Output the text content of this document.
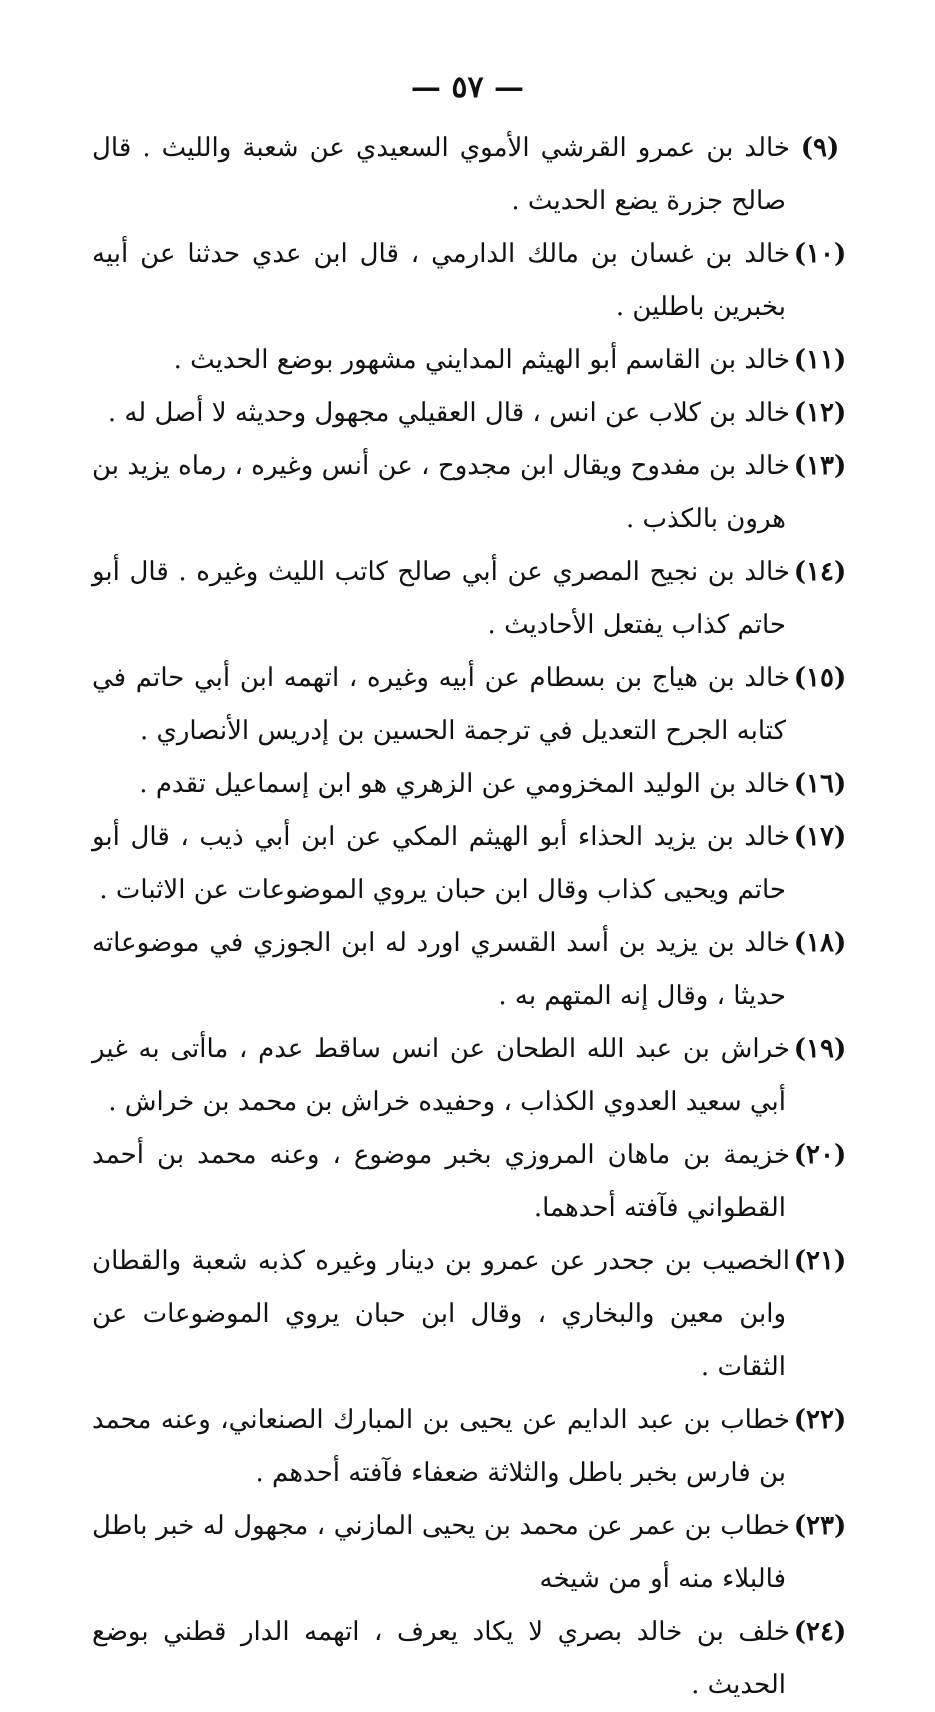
— ٥٧ —

(٩)خالد بن عمرو القرشي الأموي السعيدي عن شعبة والليث . قال صالح جزرة يضع الحديث .

(١٠)خالد بن غسان بن مالك الدارمي ، قال ابن عدي حدثنا عن أبيه بخبرين باطلين .

(١١)خالد بن القاسم أبو الهيثم المدايني مشهور بوضع الحديث .

(١٢)خالد بن كلاب عن انس ، قال العقيلي مجهول وحديثه لا أصل له .

(١٣)خالد بن مفدوح ويقال ابن مجدوح ، عن أنس وغيره ، رماه يزيد بن هرون بالكذب .

(١٤)خالد بن نجيح المصري عن أبي صالح كاتب الليث وغيره . قال أبو حاتم كذاب يفتعل الأحاديث .

(١٥)خالد بن هياج بن بسطام عن أبيه وغيره ، اتهمه ابن أبي حاتم في كتابه الجرح التعديل في ترجمة الحسين بن إدريس الأنصاري .

(١٦)خالد بن الوليد المخزومي عن الزهري هو ابن إسماعيل تقدم .

(١٧)خالد بن يزيد الحذاء أبو الهيثم المكي عن ابن أبي ذيب ، قال أبو حاتم ويحيى كذاب وقال ابن حبان يروي الموضوعات عن الاثبات .

(١٨)خالد بن يزيد بن أسد القسري اورد له ابن الجوزي في موضوعاته حديثا ، وقال إنه المتهم به .

(١٩)خراش بن عبد الله الطحان عن انس ساقط عدم ، ماأتى به غير أبي سعيد العدوي الكذاب ، وحفيده خراش بن محمد بن خراش .

(٢٠)خزيمة بن ماهان المروزي بخبر موضوع ، وعنه محمد بن أحمد القطواني فآفته أحدهما.

(٢١)الخصيب بن جحدر عن عمرو بن دينار وغيره كذبه شعبة والقطان وابن معين والبخاري ، وقال ابن حبان يروي الموضوعات عن الثقات .

(٢٢)خطاب بن عبد الدايم عن يحيى بن المبارك الصنعاني، وعنه محمد بن فارس بخبر باطل والثلاثة ضعفاء فآفته أحدهم .

(٢٣)خطاب بن عمر عن محمد بن يحيى المازني ، مجهول له خبر باطل فالبلاء منه أو من شيخه

(٢٤)خلف بن خالد بصري لا يكاد يعرف ، اتهمه الدار قطني بوضع الحديث .
